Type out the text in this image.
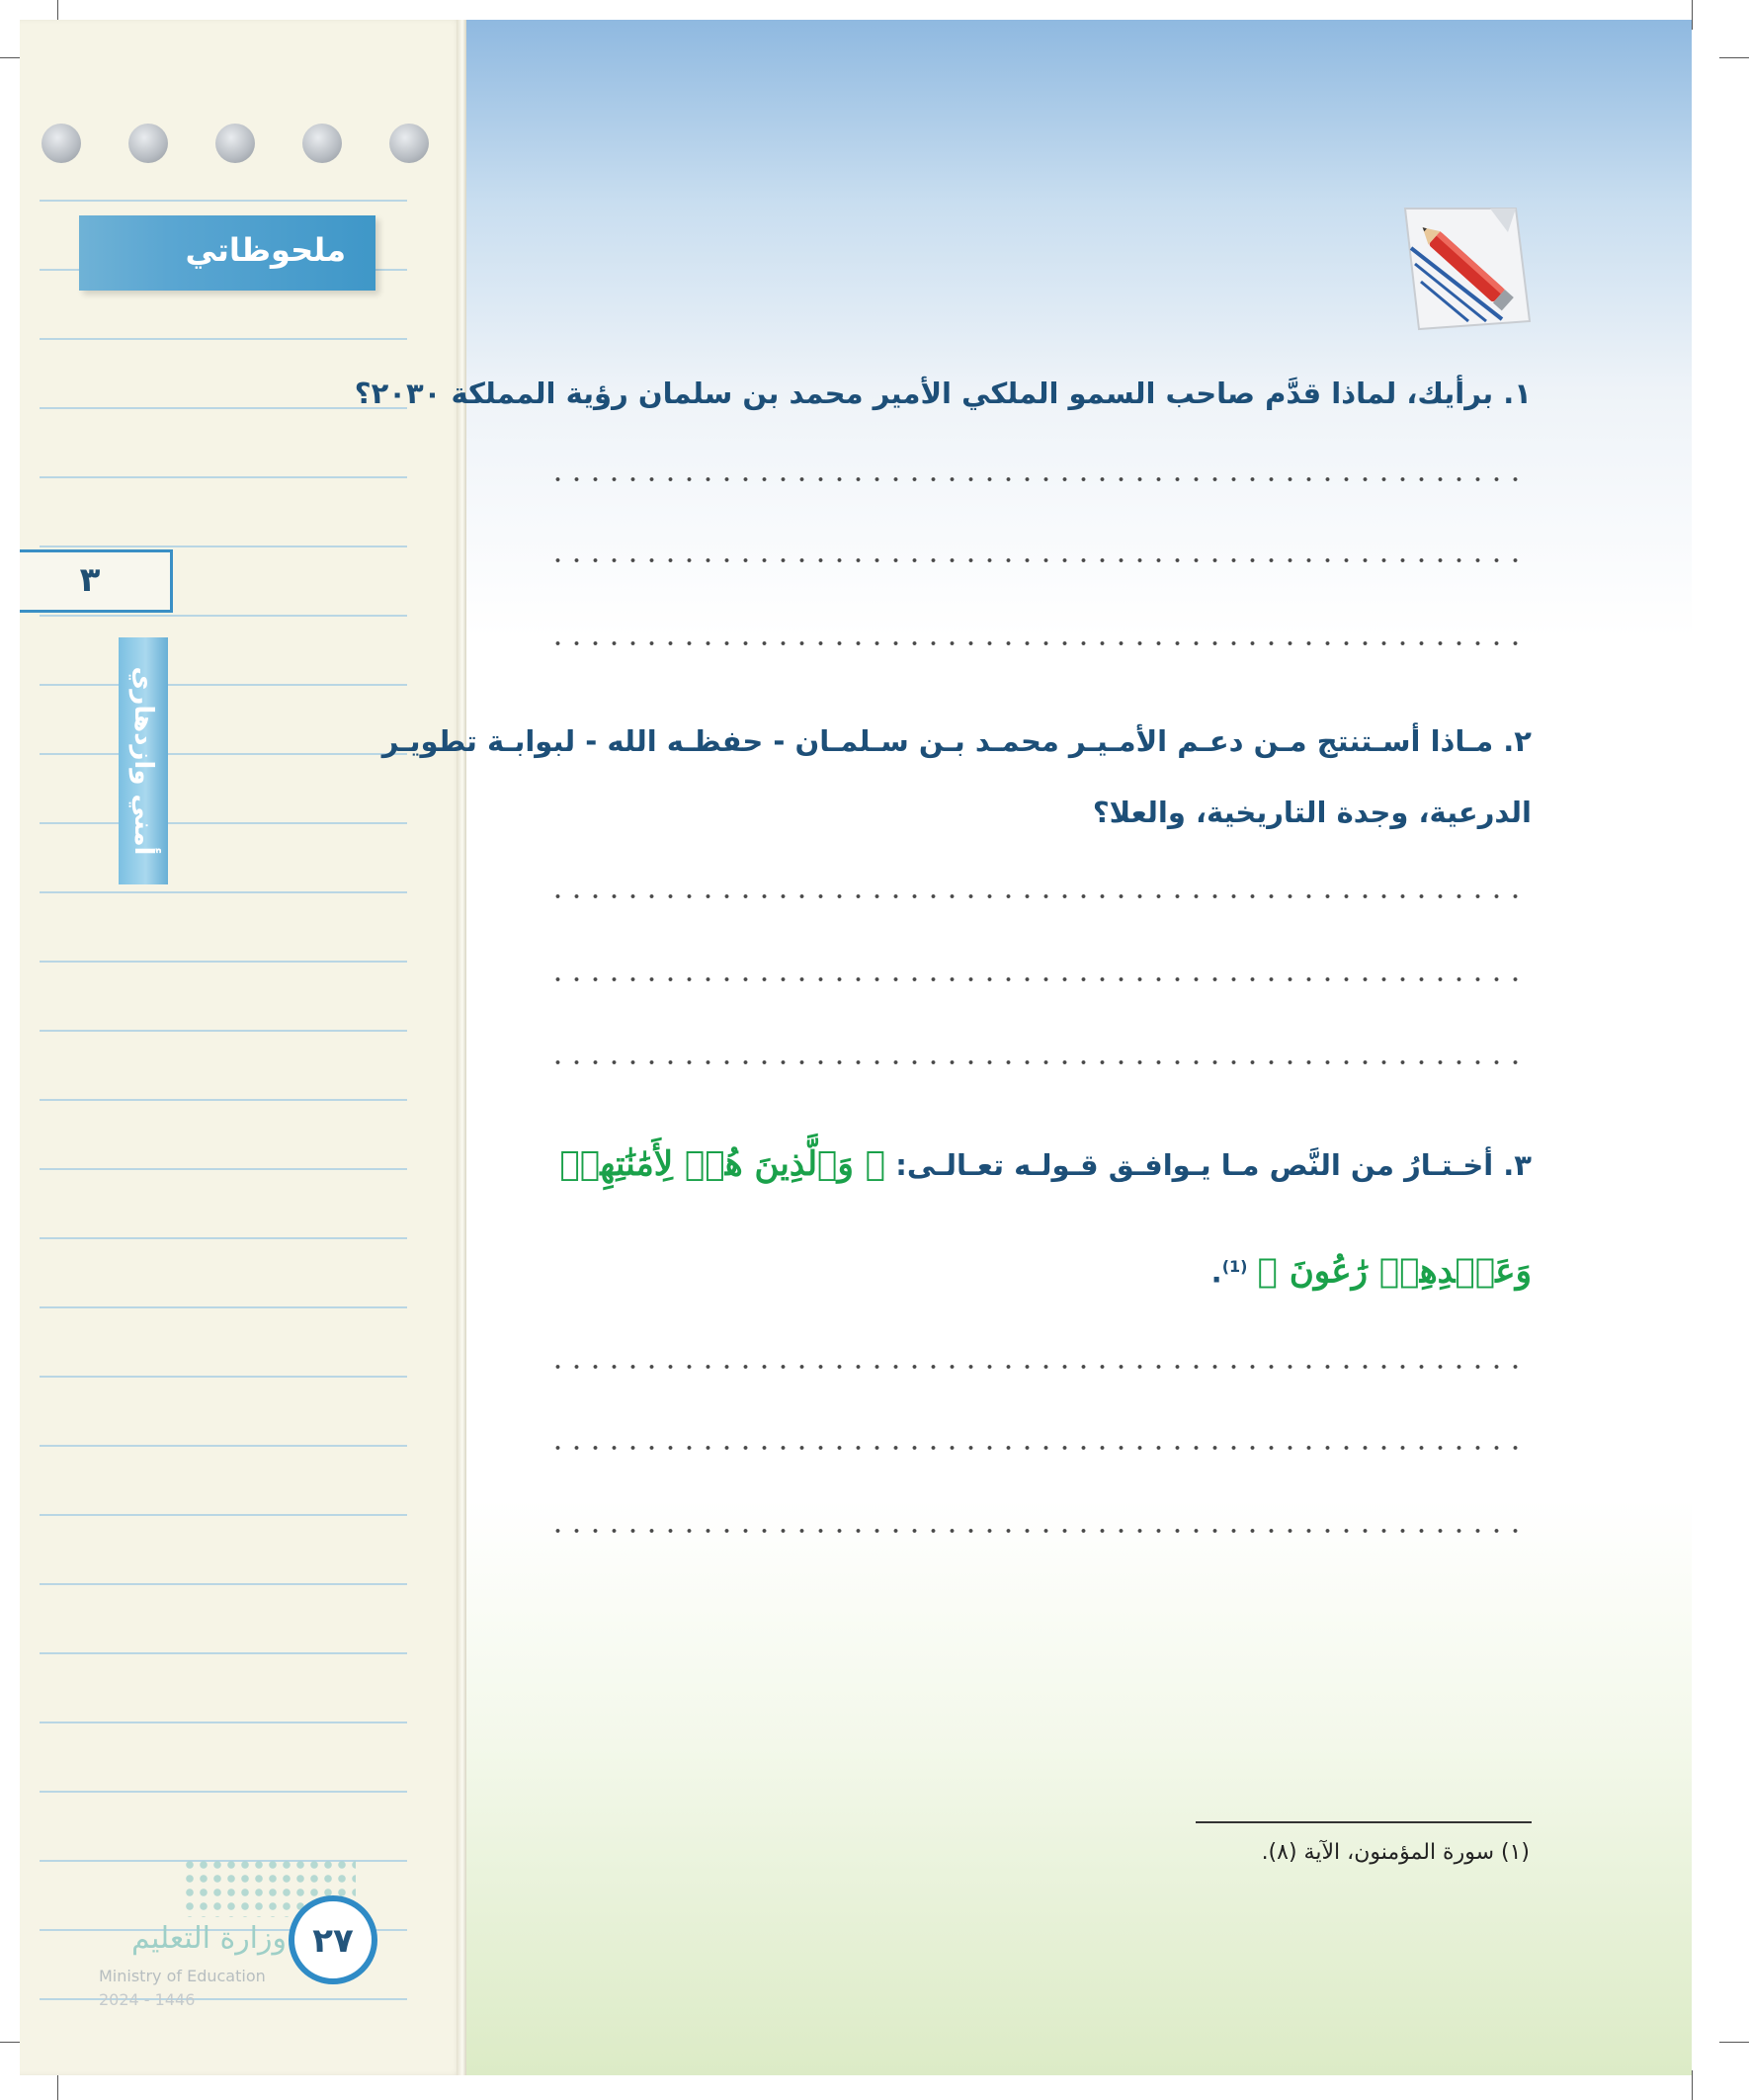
ملحوظاتي
٣
أمني وازدهاري
وزارة التعليم
Ministry of Education
2024 - 1446
٢٧
١. برأيك، لماذا قدَّم صاحب السمو الملكي الأمير محمد بن سلمان رؤية المملكة ٢٠٣٠؟
٢. مـاذا أسـتنتج مـن دعـم الأمـيـر محمـد بـن سـلمـان - حفظـه الله - لبوابـة تطويـر
الدرعية، وجدة التاريخية، والعلا؟
٣. أخـتـارُ من النَّص مـا يـوافـق قـولـه تعـالـى: ﴿ وَٱلَّذِينَ هُمۡ لِأَمَٰنَٰتِهِمۡ
وَعَهۡدِهِمۡ رَٰعُونَ ﴾ $^{(1)}$.
(١) سورة المؤمنون، الآية (٨).
